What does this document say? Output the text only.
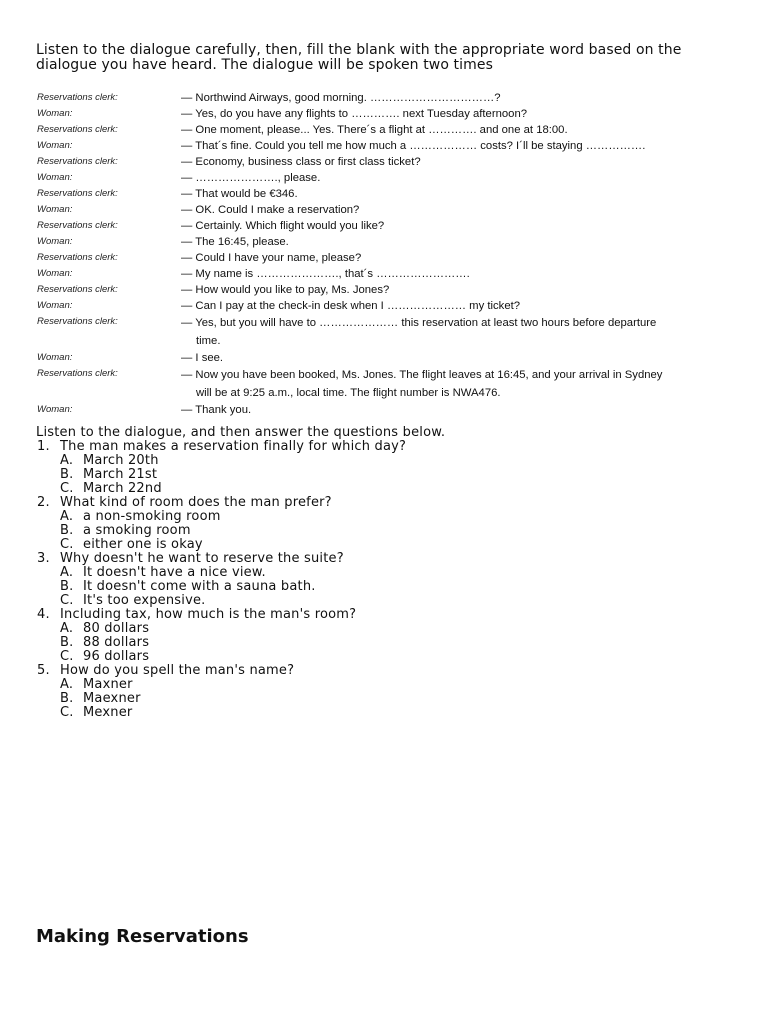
Listen to the dialogue carefully, then, fill the blank with the appropriate word based on the dialogue you have heard. The dialogue will be spoken two times
Reservations clerk:	— Northwind Airways, good morning. ……………………………?
Woman:	— Yes, do you have any flights to …………. next Tuesday afternoon?
Reservations clerk:	— One moment, please... Yes. There´s a flight at …………. and one at 18:00.
Woman:	— That´s fine. Could you tell me how much a ……………… costs? I´ll be staying …………….
Reservations clerk:	— Economy, business class or first class ticket?
Woman:	— …………………., please.
Reservations clerk:	— That would be €346.
Woman:	— OK. Could I make a reservation?
Reservations clerk:	— Certainly. Which flight would you like?
Woman:	— The 16:45, please.
Reservations clerk:	— Could I have your name, please?
Woman:	— My name is …………………., that´s …………………….
Reservations clerk:	— How would you like to pay, Ms. Jones?
Woman:	— Can I pay at the check-in desk when I ………………… my ticket?
Reservations clerk:	— Yes, but you will have to ………………… this reservation at least two hours before departure
time.
Woman:	— I see.
Reservations clerk:	— Now you have been booked, Ms. Jones. The flight leaves at 16:45, and your arrival in Sydney
will be at 9:25 a.m., local time. The flight number is NWA476.
Woman:	— Thank you.
Listen to the dialogue, and then answer the questions below.
1. The man makes a reservation finally for which day?
A. March 20th
B. March 21st
C. March 22nd
2. What kind of room does the man prefer?
A. a non-smoking room
B. a smoking room
C. either one is okay
3. Why doesn't he want to reserve the suite?
A. It doesn't have a nice view.
B. It doesn't come with a sauna bath.
C. It's too expensive.
4. Including tax, how much is the man's room?
A. 80 dollars
B. 88 dollars
C. 96 dollars
5. How do you spell the man's name?
A. Maxner
B. Maexner
C. Mexner
Making Reservations
